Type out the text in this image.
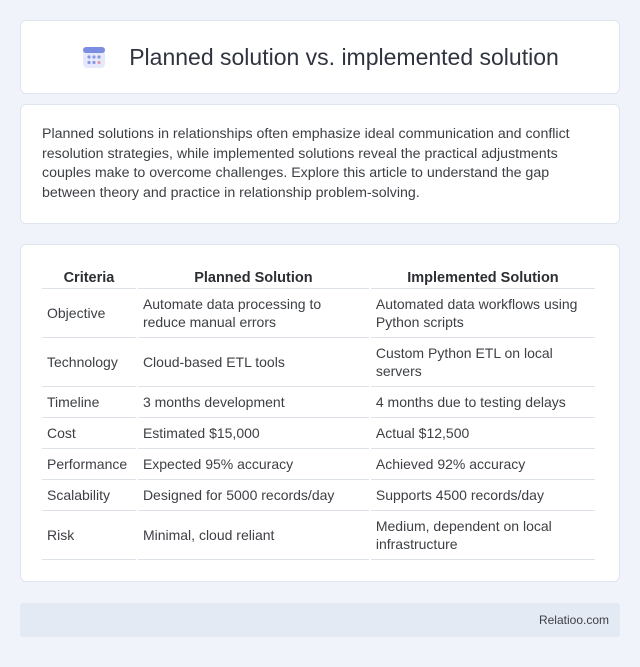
Planned solution vs. implemented solution

Planned solutions in relationships often emphasize ideal communication and conflict resolution strategies, while implemented solutions reveal the practical adjustments couples make to overcome challenges. Explore this article to understand the gap between theory and practice in relationship problem-solving.

Criteria	Planned Solution	Implemented Solution
Objective	Automate data processing to reduce manual errors	Automated data workflows using Python scripts
Technology	Cloud-based ETL tools	Custom Python ETL on local servers
Timeline	3 months development	4 months due to testing delays
Cost	Estimated $15,000	Actual $12,500
Performance	Expected 95% accuracy	Achieved 92% accuracy
Scalability	Designed for 5000 records/day	Supports 4500 records/day
Risk	Minimal, cloud reliant	Medium, dependent on local infrastructure
Relatioo.com
